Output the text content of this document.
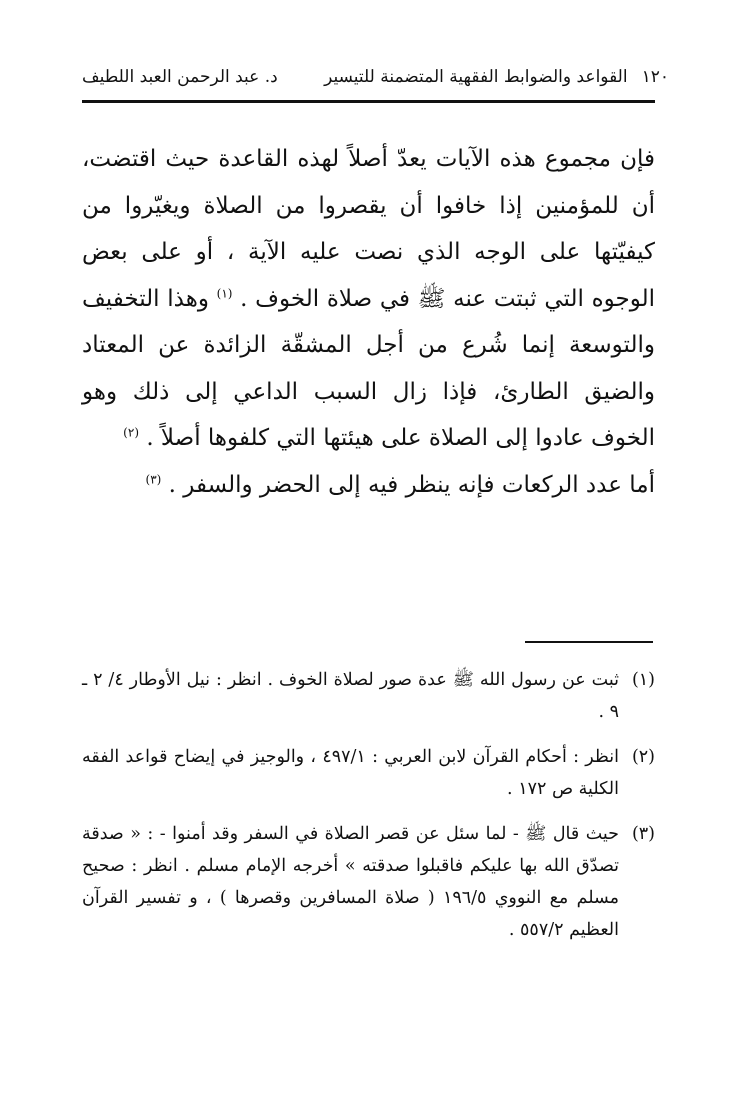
١٢٠
القواعد والضوابط الفقهية المتضمنة للتيسير
د. عبد الرحمن العبد اللطيف

فإن مجموع هذه الآيات يعدّ أصلاً لهذه القاعدة حيث اقتضت، أن للمؤمنين إذا خافوا أن يقصروا من الصلاة ويغيّروا من كيفيّتها على الوجه الذي نصت عليه الآية ، أو على بعض الوجوه التي ثبتت عنه ﷺ في صلاة الخوف . $^{(١)}$ وهذا التخفيف والتوسعة إنما شُرع من أجل المشقّة الزائدة عن المعتاد والضيق الطارئ، فإذا زال السبب الداعي إلى ذلك وهو الخوف عادوا إلى الصلاة على هيئتها التي كلفوها أصلاً . $^{(٢)}$

أما عدد الركعات فإنه ينظر فيه إلى الحضر والسفر . $^{(٣)}$

(١)
ثبت عن رسول الله ﷺ عدة صور لصلاة الخوف . انظر : نيل الأوطار ٤/ ٢ ـ ٩ .
(٢)
انظر : أحكام القرآن لابن العربي : ٤٩٧/١ ، والوجيز في إيضاح قواعد الفقه الكلية ص ١٧٢ .
(٣)
حيث قال ﷺ - لما سئل عن قصر الصلاة في السفر وقد أمنوا - : « صدقة تصدّق الله بها عليكم فاقبلوا صدقته » أخرجه الإمام مسلم . انظر : صحيح مسلم مع النووي ١٩٦/٥ ( صلاة المسافرين وقصرها ) ، و تفسير القرآن العظيم ٥٥٧/٢ .
